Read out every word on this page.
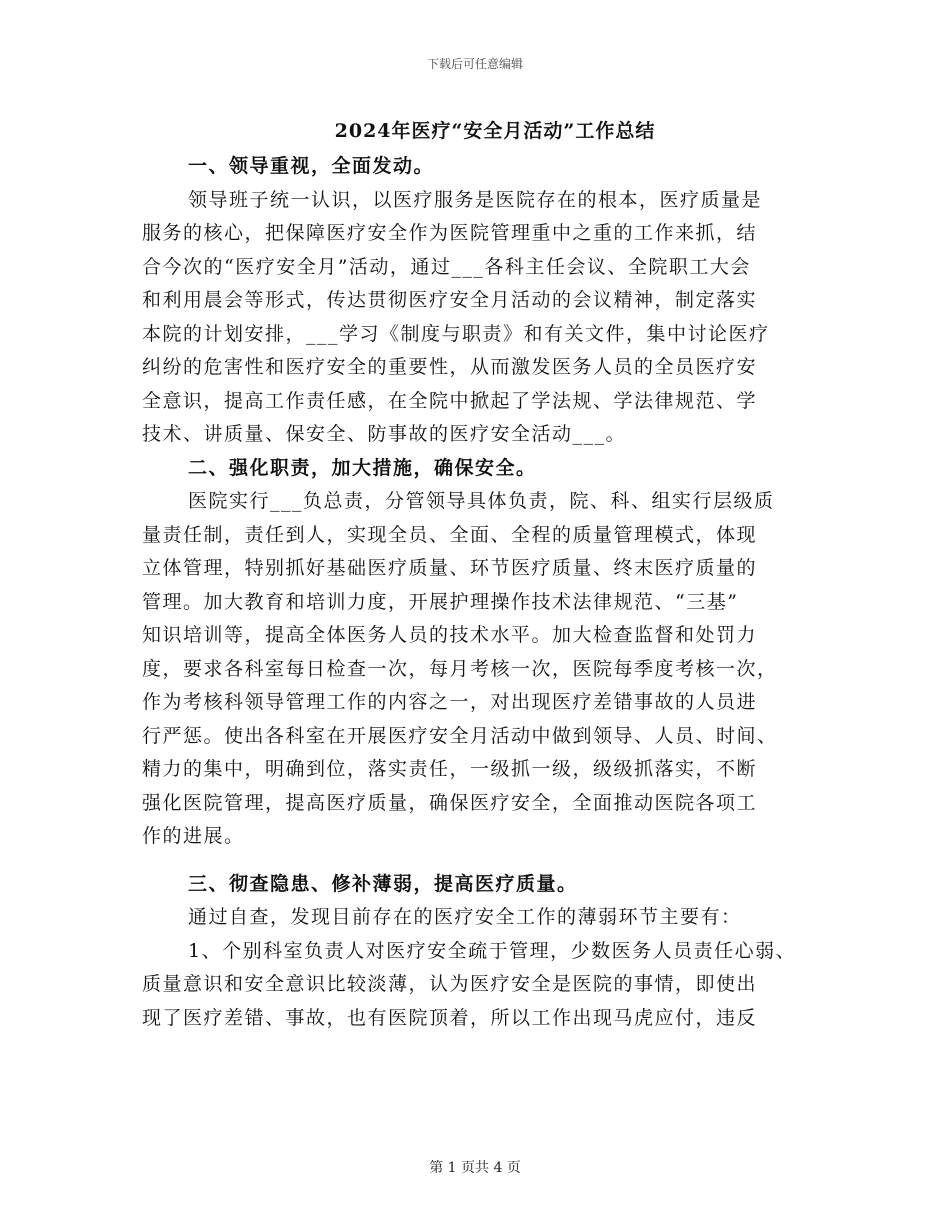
下载后可任意编辑
2024年医疗“安全月活动”工作总结
一、领导重视，全面发动。
领导班子统一认识，以医疗服务是医院存在的根本，医疗质量是
服务的核心，把保障医疗安全作为医院管理重中之重的工作来抓，结
合今次的“医疗安全月”活动，通过___各科主任会议、全院职工大会
和利用晨会等形式，传达贯彻医疗安全月活动的会议精神，制定落实
本院的计划安排，___学习《制度与职责》和有关文件，集中讨论医疗
纠纷的危害性和医疗安全的重要性，从而激发医务人员的全员医疗安
全意识，提高工作责任感，在全院中掀起了学法规、学法律规范、学
技术、讲质量、保安全、防事故的医疗安全活动___。
二、强化职责，加大措施，确保安全。
医院实行___负总责，分管领导具体负责，院、科、组实行层级质
量责任制，责任到人，实现全员、全面、全程的质量管理模式，体现
立体管理，特别抓好基础医疗质量、环节医疗质量、终末医疗质量的
管理。加大教育和培训力度，开展护理操作技术法律规范、“三基”
知识培训等，提高全体医务人员的技术水平。加大检查监督和处罚力
度，要求各科室每日检查一次，每月考核一次，医院每季度考核一次，
作为考核科领导管理工作的内容之一，对出现医疗差错事故的人员进
行严惩。使出各科室在开展医疗安全月活动中做到领导、人员、时间、
精力的集中，明确到位，落实责任，一级抓一级，级级抓落实，不断
强化医院管理，提高医疗质量，确保医疗安全，全面推动医院各项工
作的进展。
三、彻查隐患、修补薄弱，提高医疗质量。
通过自查，发现目前存在的医疗安全工作的薄弱环节主要有：
1、个别科室负责人对医疗安全疏于管理，少数医务人员责任心弱、
质量意识和安全意识比较淡薄，认为医疗安全是医院的事情，即使出
现了医疗差错、事故，也有医院顶着，所以工作出现马虎应付，违反
第 1 页共 4 页
